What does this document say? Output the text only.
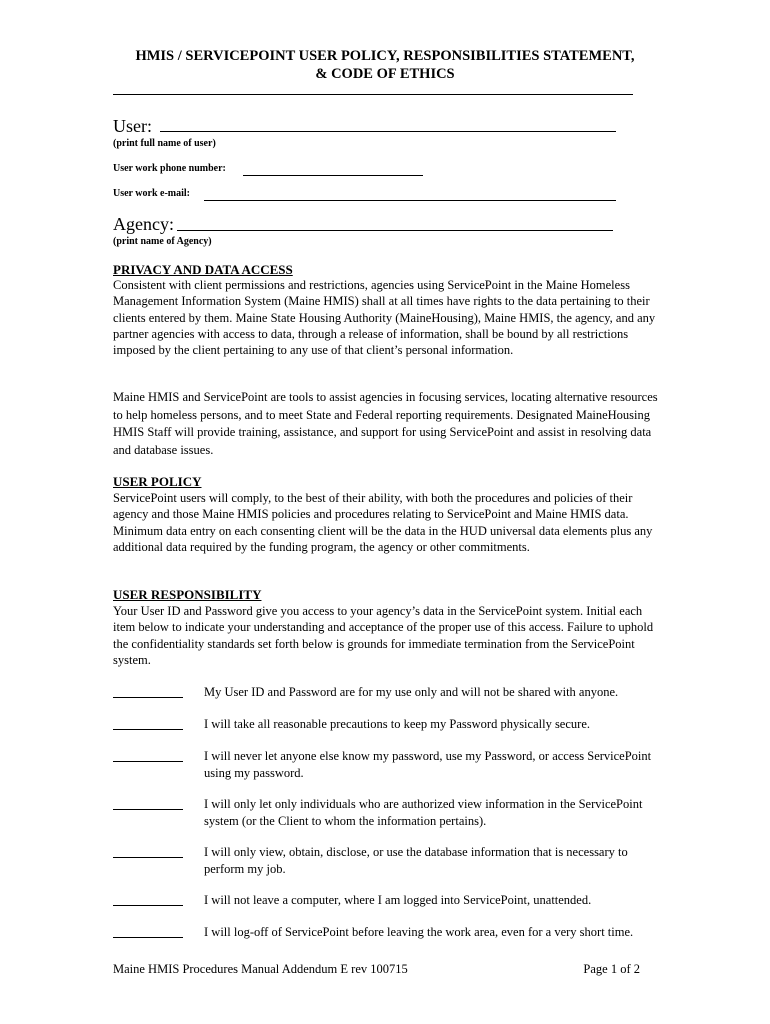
HMIS / SERVICEPOINT USER POLICY, RESPONSIBILITIES STATEMENT,
& CODE OF ETHICS
User:
(print full name of user)
User work phone number:
User work e-mail:
Agency:
(print name of Agency)
PRIVACY AND DATA ACCESS
Consistent with client permissions and restrictions, agencies using ServicePoint in the Maine Homeless Management Information System (Maine HMIS) shall at all times have rights to the data pertaining to their clients entered by them. Maine State Housing Authority (MaineHousing), Maine HMIS, the agency, and any partner agencies with access to data, through a release of information, shall be bound by all restrictions imposed by the client pertaining to any use of that client’s personal information.
Maine HMIS and ServicePoint are tools to assist agencies in focusing services, locating alternative resources to help homeless persons, and to meet State and Federal reporting requirements. Designated MaineHousing HMIS Staff will provide training, assistance, and support for using ServicePoint and assist in resolving data and database issues.
USER POLICY
ServicePoint users will comply, to the best of their ability, with both the procedures and policies of their agency and those Maine HMIS policies and procedures relating to ServicePoint and Maine HMIS data. Minimum data entry on each consenting client will be the data in the HUD universal data elements plus any additional data required by the funding program, the agency or other commitments.
USER RESPONSIBILITY
Your User ID and Password give you access to your agency’s data in the ServicePoint system. Initial each item below to indicate your understanding and acceptance of the proper use of this access. Failure to uphold the confidentiality standards set forth below is grounds for immediate termination from the ServicePoint system.
My User ID and Password are for my use only and will not be shared with anyone.
I will take all reasonable precautions to keep my Password physically secure.
I will never let anyone else know my password, use my Password, or access ServicePoint using my password.
I will only let only individuals who are authorized view information in the ServicePoint system (or the Client to whom the information pertains).
I will only view, obtain, disclose, or use the database information that is necessary to perform my job.
I will not leave a computer, where I am logged into ServicePoint, unattended.
I will log-off of ServicePoint before leaving the work area, even for a very short time.
Maine HMIS Procedures Manual Addendum E rev 100715	Page 1 of 2
